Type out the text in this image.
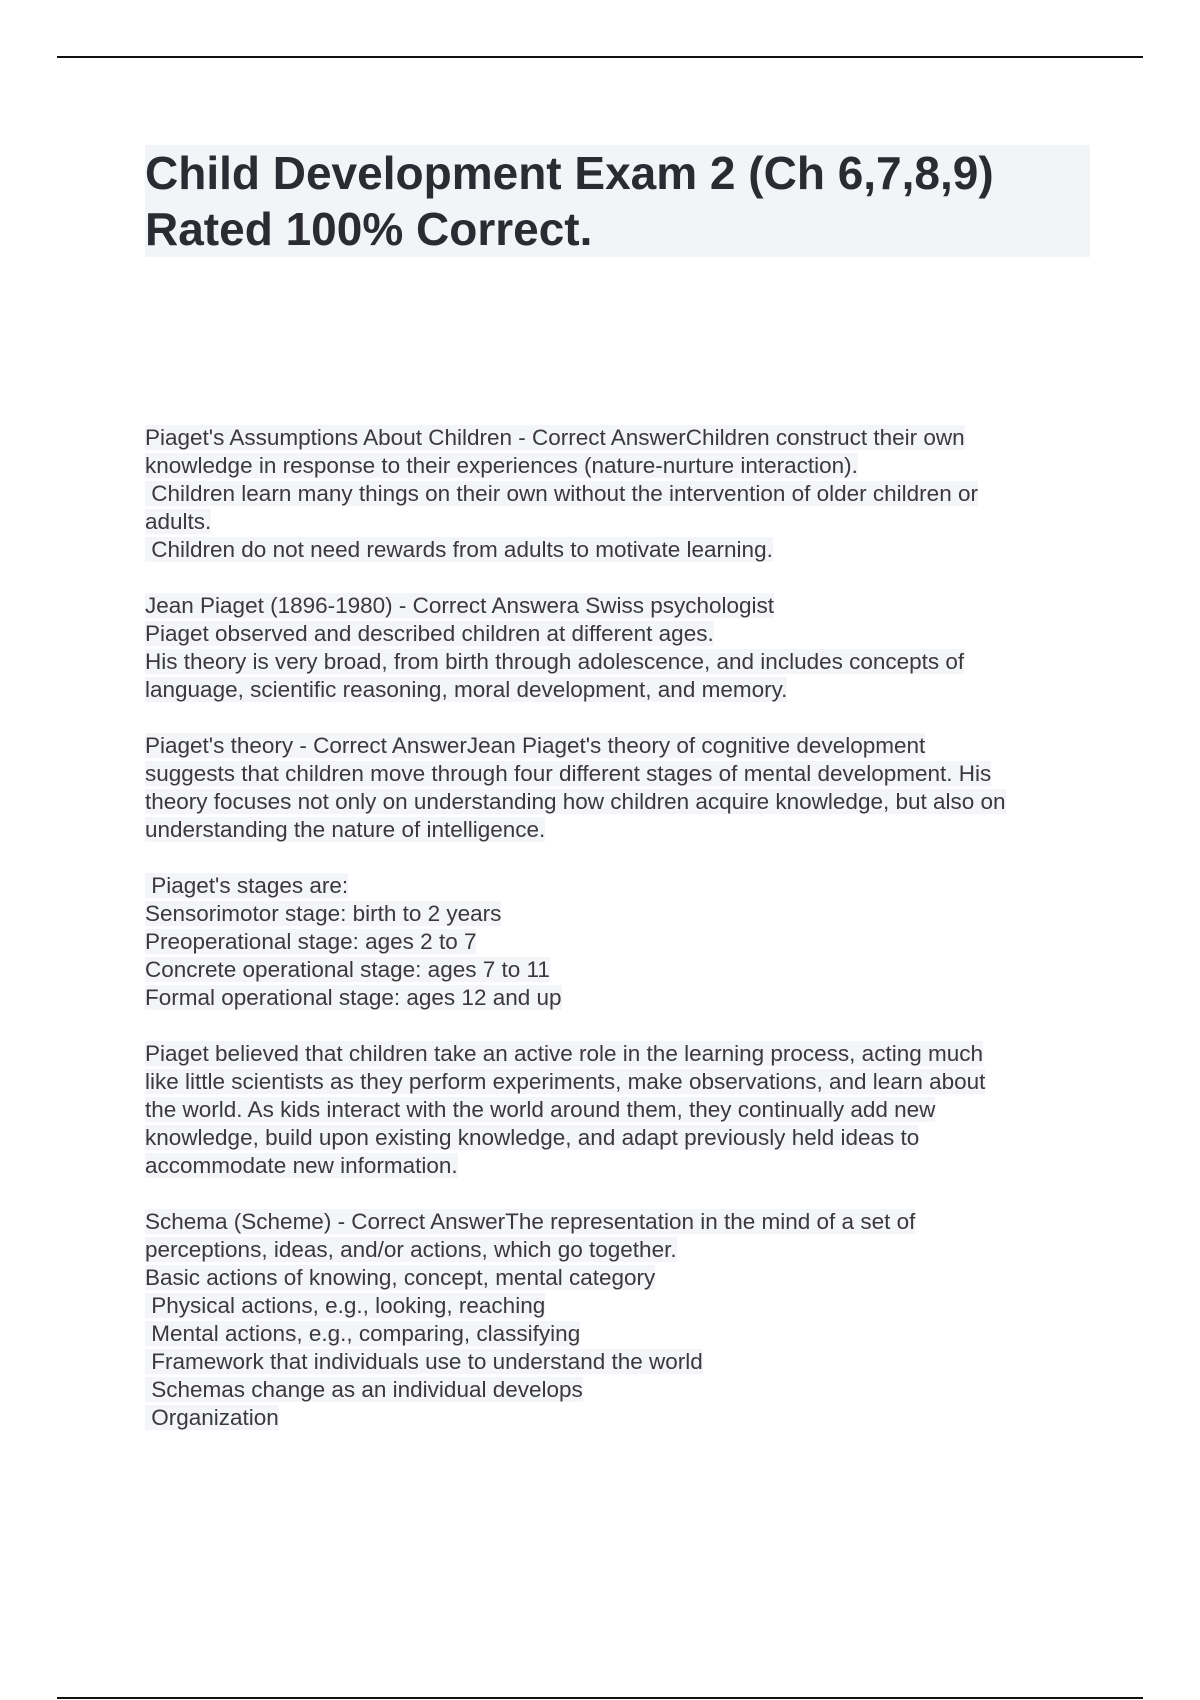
Child Development Exam 2 (Ch 6,7,8,9)
Rated 100% Correct.
Piaget's Assumptions About Children - Correct AnswerChildren construct their own
knowledge in response to their experiences (nature-nurture interaction).
Children learn many things on their own without the intervention of older children or
adults.
Children do not need rewards from adults to motivate learning.
Jean Piaget (1896-1980) - Correct Answera Swiss psychologist
Piaget observed and described children at different ages.
His theory is very broad, from birth through adolescence, and includes concepts of
language, scientific reasoning, moral development, and memory.
Piaget's theory - Correct AnswerJean Piaget's theory of cognitive development
suggests that children move through four different stages of mental development. His
theory focuses not only on understanding how children acquire knowledge, but also on
understanding the nature of intelligence.
Piaget's stages are:
Sensorimotor stage: birth to 2 years
Preoperational stage: ages 2 to 7
Concrete operational stage: ages 7 to 11
Formal operational stage: ages 12 and up
Piaget believed that children take an active role in the learning process, acting much
like little scientists as they perform experiments, make observations, and learn about
the world. As kids interact with the world around them, they continually add new
knowledge, build upon existing knowledge, and adapt previously held ideas to
accommodate new information.
Schema (Scheme) - Correct AnswerThe representation in the mind of a set of
perceptions, ideas, and/or actions, which go together.
Basic actions of knowing, concept, mental category
Physical actions, e.g., looking, reaching
Mental actions, e.g., comparing, classifying
Framework that individuals use to understand the world
Schemas change as an individual develops
Organization
